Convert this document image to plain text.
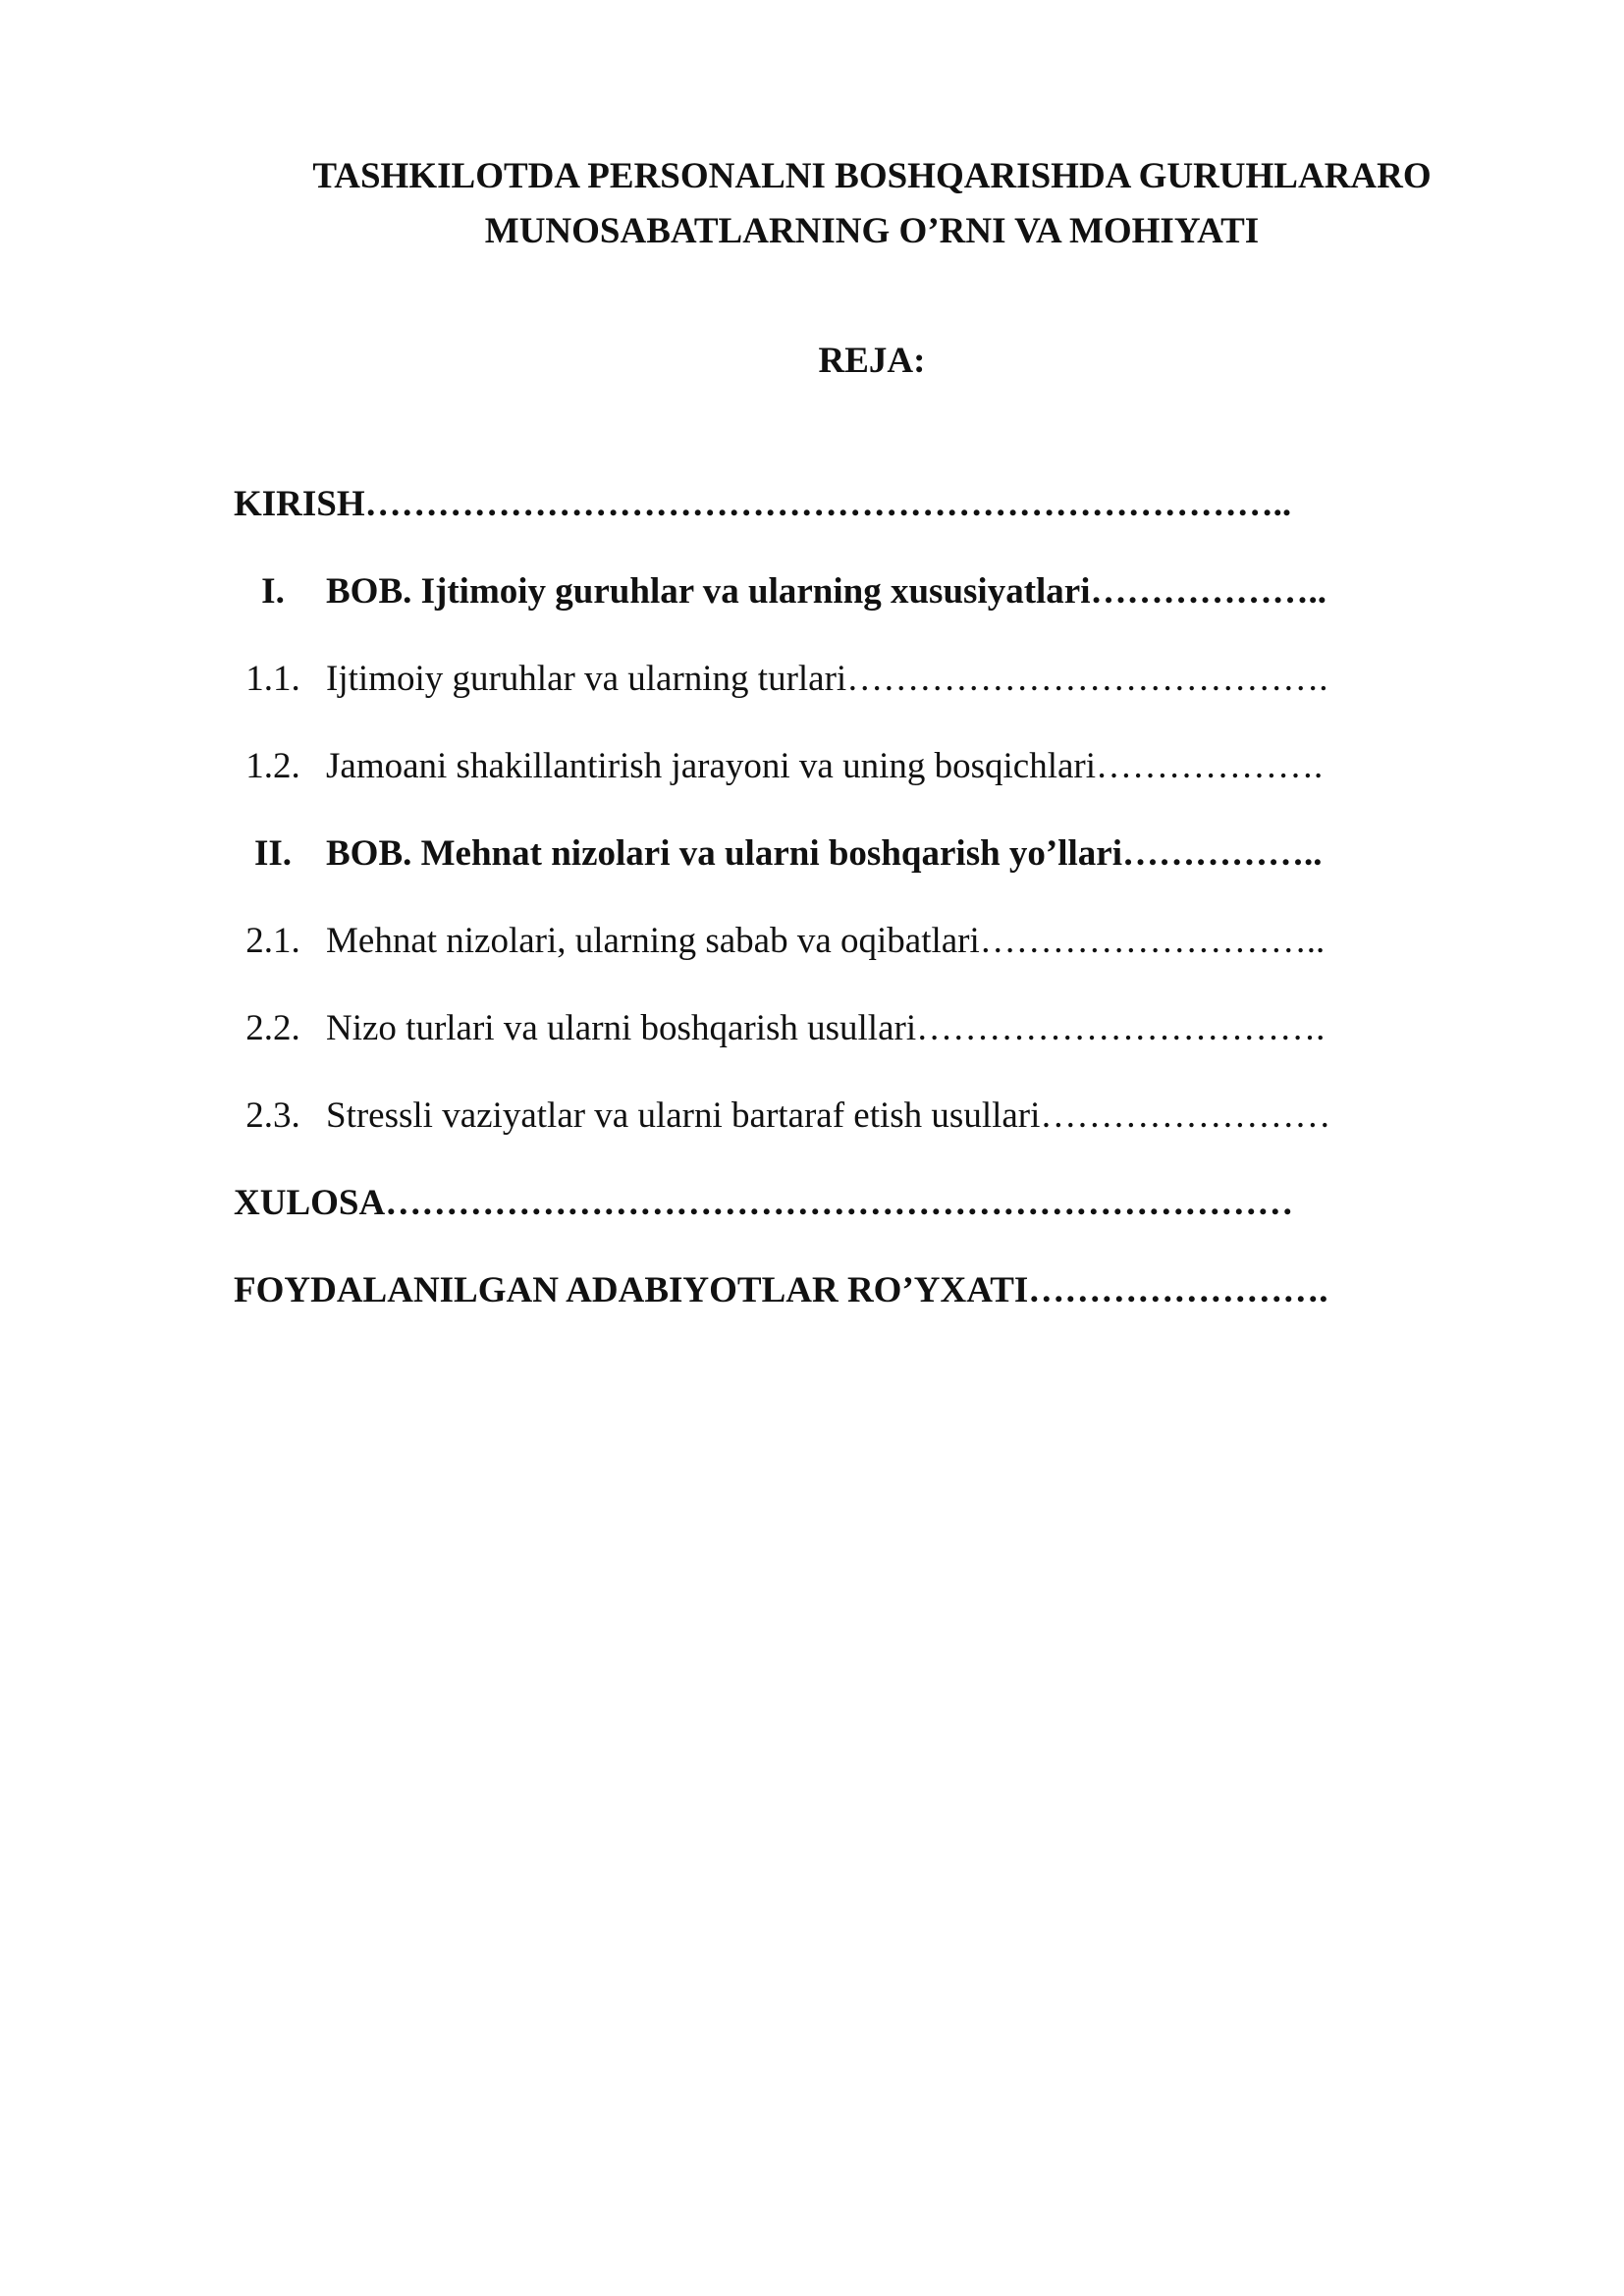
TASHKILOTDA PERSONALNI BOSHQARISHDA GURUHLARARO
MUNOSABATLARNING O’RNI VA MOHIYATI
REJA:
KIRISH…………………………………………………………………..
I.	BOB. Ijtimoiy guruhlar va ularning xususiyatlari………………..
1.1. Ijtimoiy guruhlar va ularning turlari………………………………….
1.2. Jamoani shakillantirish jarayoni va uning bosqichlari……………….
II. BOB. Mehnat nizolari va ularni boshqarish yo’llari……………..
2.1. Mehnat nizolari, ularning sabab va oqibatlari………………………..
2.2. Nizo turlari va ularni boshqarish usullari…………………………….
2.3. Stressli vaziyatlar va ularni bartaraf etish usullari……………………
XULOSA…………………………………………………………………
FOYDALANILGAN ADABIYOTLAR RO’YXATI…………………….
